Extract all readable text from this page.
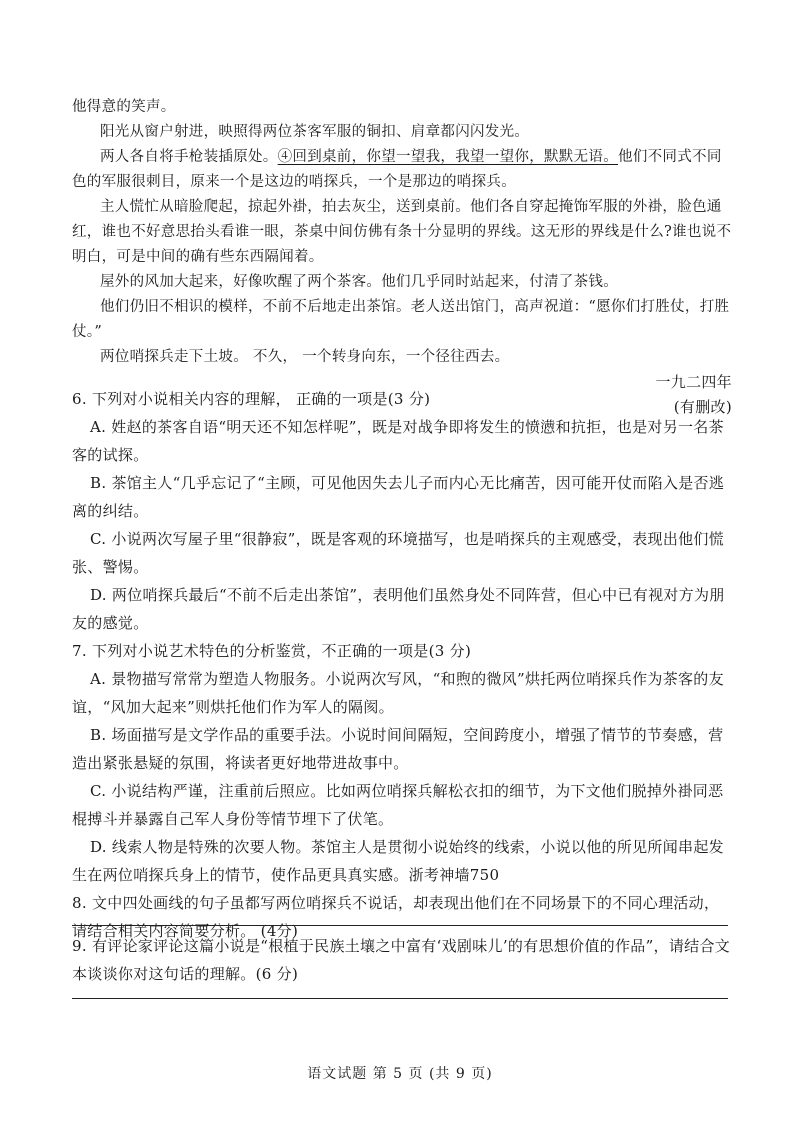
他得意的笑声。

阳光从窗户射进，映照得两位茶客军服的铜扣、肩章都闪闪发光。

两人各自将手枪装插原处。④回到桌前，你望一望我，我望一望你，默默无语。他们不同式不同色的军服很刺目，原来一个是这边的哨探兵，一个是那边的哨探兵。

主人慌忙从暗脸爬起，掠起外褂，拍去灰尘，送到桌前。他们各自穿起掩饰军服的外褂，脸色通红，谁也不好意思抬头看谁一眼，茶桌中间仿佛有条十分显明的界线。这无形的界线是什么?谁也说不明白，可是中间的确有些东西隔闻着。

屋外的风加大起来，好像吹醒了两个茶客。他们几乎同时站起来，付清了茶钱。

他们仍旧不相识的模样，不前不后地走出茶馆。老人送出馆门，高声祝道：“愿你们打胜仗，打胜仗。”

两位哨探兵走下土坡。 不久， 一个转身向东，一个径往西去。

一九二四年

(有删改)

6. 下列对小说相关内容的理解， 正确的一项是(3 分)

A. 姓赵的茶客自语“明天还不知怎样呢”，既是对战争即将发生的愤懑和抗拒，也是对另一名茶客的试探。

B. 茶馆主人“几乎忘记了“主顾，可见他因失去儿子而内心无比痛苦，因可能开仗而陷入是否逃离的纠结。

C. 小说两次写屋子里“很静寂”，既是客观的环境描写，也是哨探兵的主观感受，表现出他们慌张、警惕。

D. 两位哨探兵最后“不前不后走出茶馆”，表明他们虽然身处不同阵营，但心中已有视对方为朋友的感觉。

7. 下列对小说艺术特色的分析鉴赏，不正确的一项是(3 分)

A. 景物描写常常为塑造人物服务。小说两次写风，“和煦的微风”烘托两位哨探兵作为茶客的友谊，“风加大起来”则烘托他们作为军人的隔阂。

B. 场面描写是文学作品的重要手法。小说时间间隔短，空间跨度小，增强了情节的节奏感，营造出紧张悬疑的氛围，将读者更好地带进故事中。

C. 小说结构严谨，注重前后照应。比如两位哨探兵解松衣扣的细节，为下文他们脱掉外褂同恶棍搏斗并暴露自己军人身份等情节埋下了伏笔。

D. 线索人物是特殊的次要人物。茶馆主人是贯彻小说始终的线索，小说以他的所见所闻串起发生在两位哨探兵身上的情节，使作品更具真实感。浙考神墙750

8. 文中四处画线的句子虽都写两位哨探兵不说话，却表现出他们在不同场景下的不同心理活动，请结合相关内容简要分析。 (4分)

9. 有评论家评论这篇小说是“根植于民族土壤之中富有‘戏剧味儿’的有思想价值的作品”，请结合文本谈谈你对这句话的理解。(6 分)
语文试题 第 5 页 (共 9 页)
